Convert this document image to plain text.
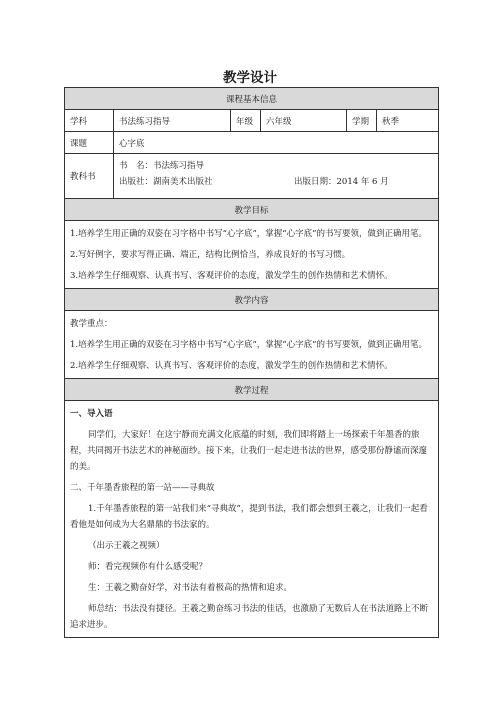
教学设计
课程基本信息
学科	书法练习指导	年级	六年级	学期	秋季
课题	心字底
教科书
书　名：书法练习指导
出版社：湖南美术出版社	出版日期：2014 年 6 月
教学目标

1.培养学生用正确的双姿在习字格中书写“心字底”，掌握“心字底”的书写要领，做到正确用笔。

2.写好例字，要求写得正确、端正，结构比例恰当，养成良好的书写习惯。

3.培养学生仔细观察、认真书写、客观评价的态度，激发学生的创作热情和艺术情怀。

教学内容

教学重点：

1.培养学生用正确的双姿在习字格中书写“心字底”，掌握“心字底”的书写要领，做到正确用笔。

2.培养学生仔细观察、认真书写、客观评价的态度，激发学生的创作热情和艺术情怀。

教学过程

一、导入语

同学们，大家好！在这宁静而充满文化底蕴的时刻，我们即将踏上一场探索千年墨香的旅程，共同揭开书法艺术的神秘面纱。接下来，让我们一起走进书法的世界，感受那份静谧而深邃的美。

二、千年墨香旅程的第一站——寻典故

1.千年墨香旅程的第一站我们来“寻典故”，提到书法，我们都会想到王羲之，让我们一起看看他是如何成为大名鼎鼎的书法家的。

（出示王羲之视频）

师：看完视频你有什么感受呢？

生：王羲之勤奋好学，对书法有着极高的热情和追求。

师总结：书法没有捷径。王羲之勤奋练习书法的佳话，也激励了无数后人在书法道路上不断追求进步。
